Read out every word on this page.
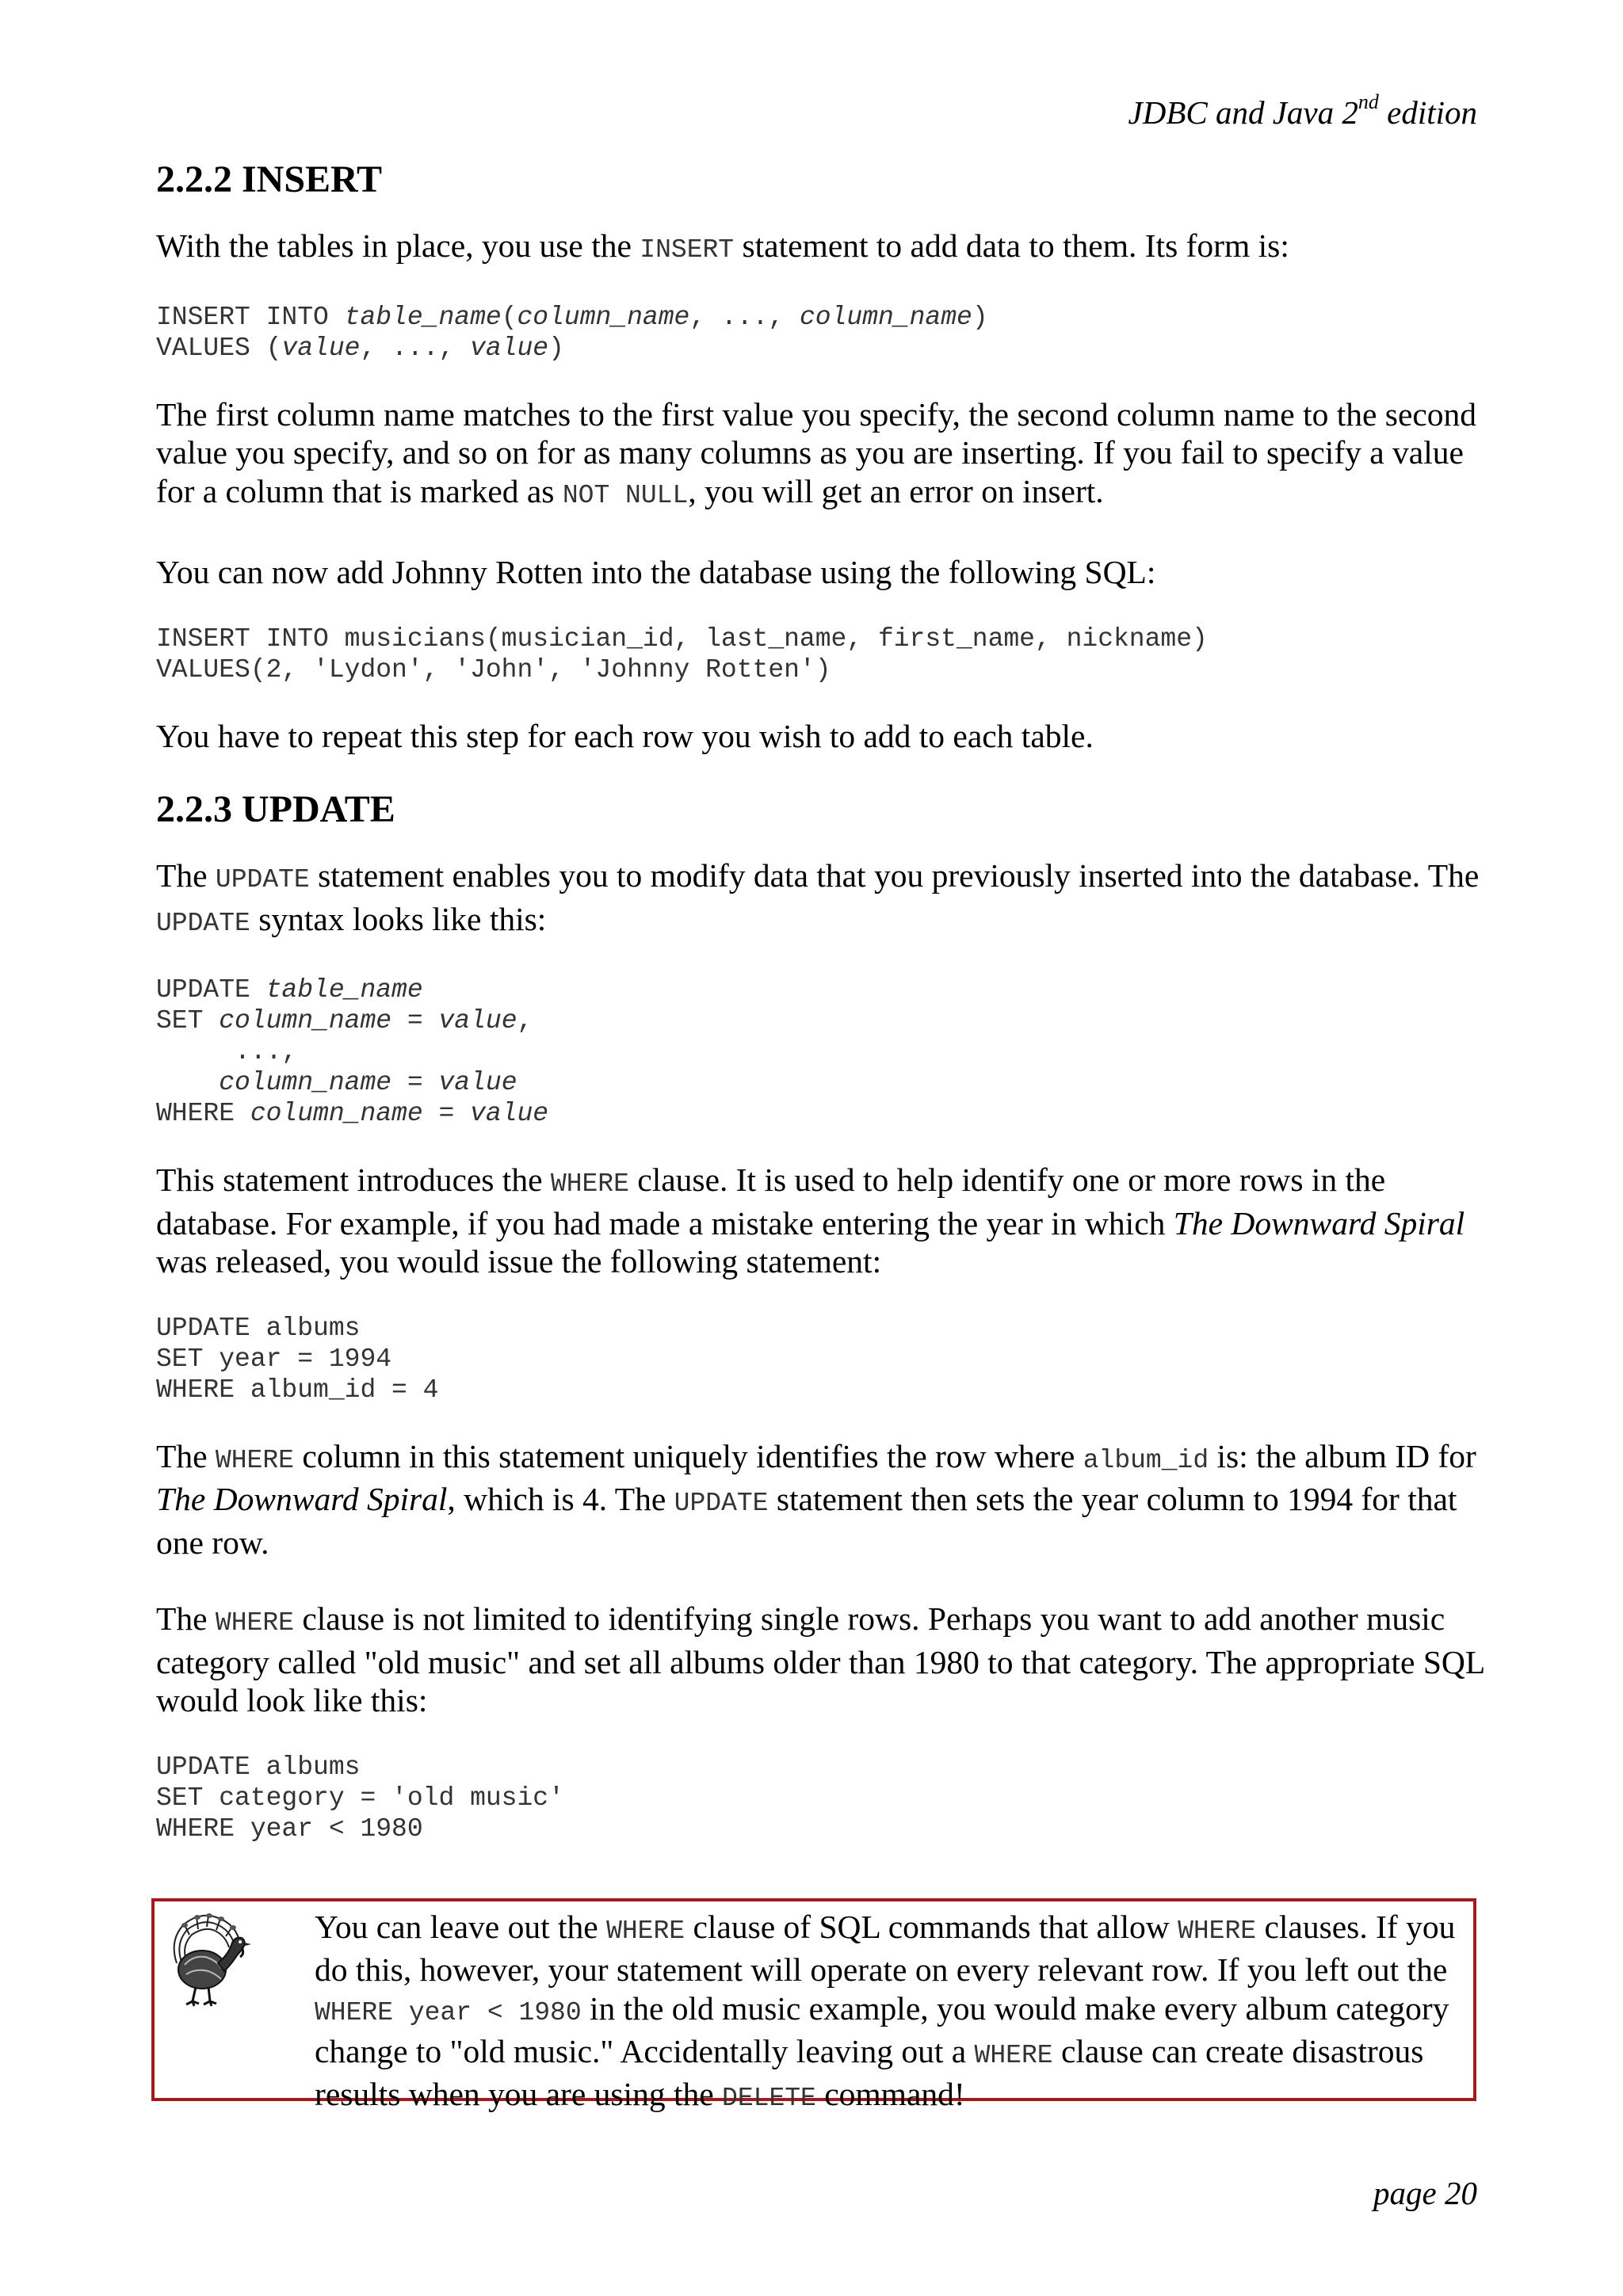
JDBC and Java 2nd edition
2.2.2 INSERT

With the tables in place, you use the INSERT statement to add data to them. Its form is:

INSERT INTO table_name(column_name, ..., column_name)
VALUES (value, ..., value)

The first column name matches to the first value you specify, the second column name to the second value you specify, and so on for as many columns as you are inserting. If you fail to specify a value for a column that is marked as NOT NULL, you will get an error on insert.

You can now add Johnny Rotten into the database using the following SQL:

INSERT INTO musicians(musician_id, last_name, first_name, nickname)
VALUES(2, 'Lydon', 'John', 'Johnny Rotten')

You have to repeat this step for each row you wish to add to each table.

2.2.3 UPDATE

The UPDATE statement enables you to modify data that you previously inserted into the database. The UPDATE syntax looks like this:

UPDATE table_name
SET column_name = value,
...,
column_name = value
WHERE column_name = value

This statement introduces the WHERE clause. It is used to help identify one or more rows in the database. For example, if you had made a mistake entering the year in which The Downward Spiral was released, you would issue the following statement:

UPDATE albums
SET year = 1994
WHERE album_id = 4

The WHERE column in this statement uniquely identifies the row where album_id is: the album ID for The Downward Spiral, which is 4. The UPDATE statement then sets the year column to 1994 for that one row.

The WHERE clause is not limited to identifying single rows. Perhaps you want to add another music category called "old music" and set all albums older than 1980 to that category. The appropriate SQL would look like this:

UPDATE albums
SET category = 'old music'
WHERE year < 1980
You can leave out the WHERE clause of SQL commands that allow WHERE clauses. If you do this, however, your statement will operate on every relevant row. If you left out the WHERE year < 1980 in the old music example, you would make every album category change to "old music." Accidentally leaving out a WHERE clause can create disastrous results when you are using the DELETE command!
page 20
